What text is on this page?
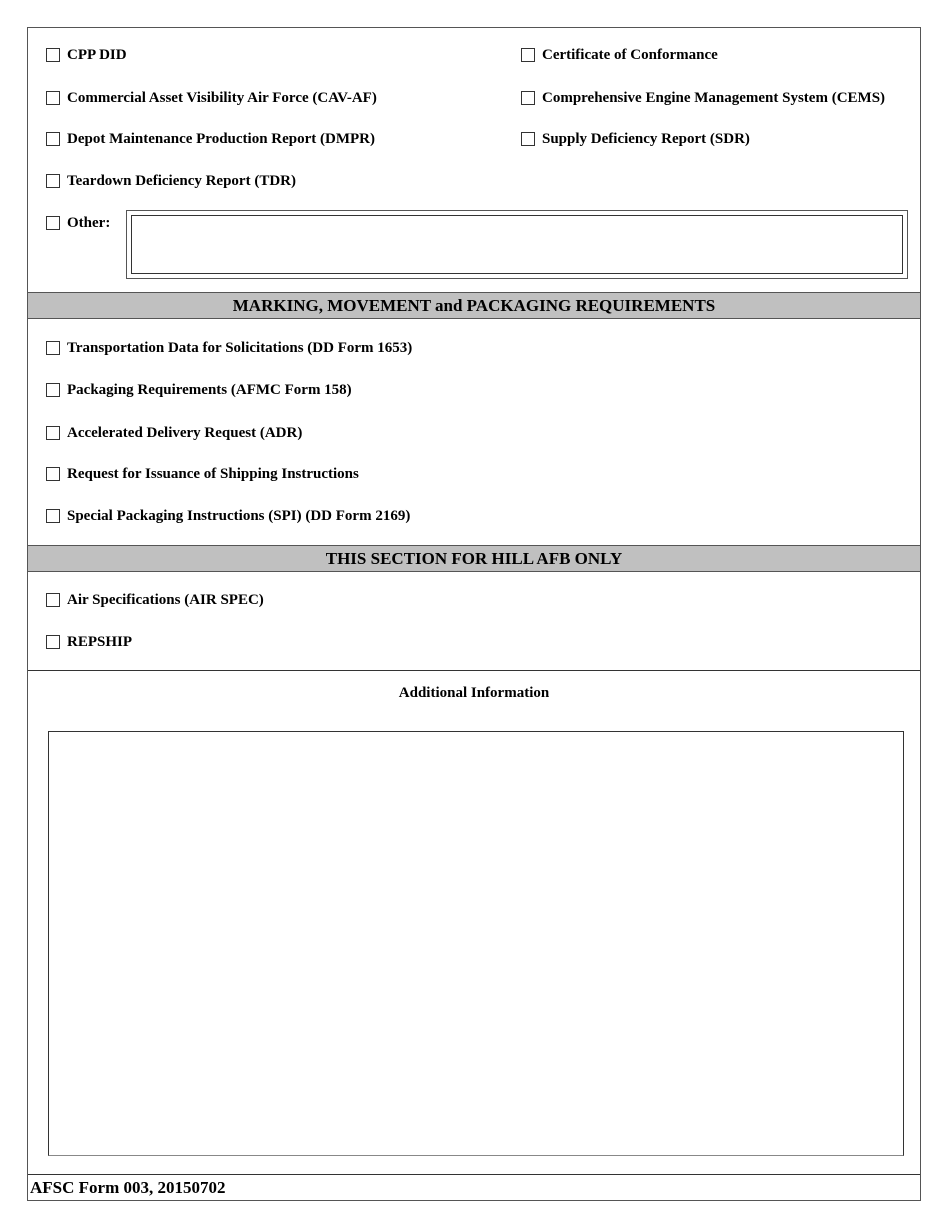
CPP DID
Commercial Asset Visibility Air Force (CAV-AF)
Depot Maintenance Production Report (DMPR)
Teardown Deficiency Report (TDR)
Certificate of Conformance
Comprehensive Engine Management System (CEMS)
Supply Deficiency Report (SDR)
Other:
MARKING, MOVEMENT and PACKAGING REQUIREMENTS
Transportation Data for Solicitations (DD Form 1653)
Packaging Requirements (AFMC Form 158)
Accelerated Delivery Request (ADR)
Request for Issuance of Shipping Instructions
Special Packaging Instructions (SPI) (DD Form 2169)
THIS SECTION FOR HILL AFB ONLY
Air Specifications (AIR SPEC)
REPSHIP
Additional Information
AFSC Form 003, 20150702
